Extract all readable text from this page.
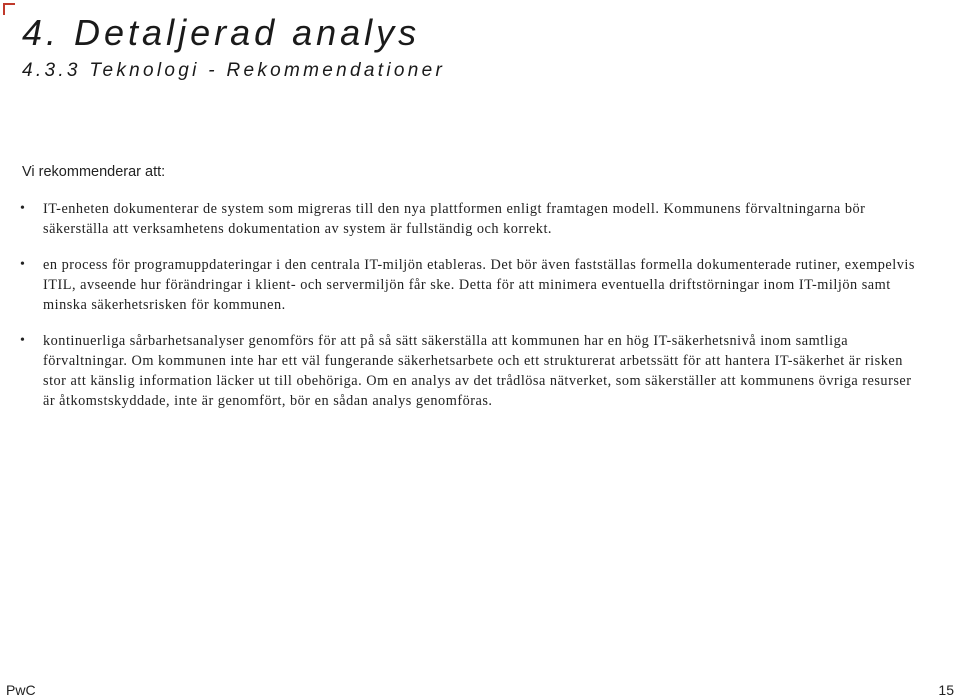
4. Detaljerad analys
4.3.3 Teknologi - Rekommendationer
Vi rekommenderar att:
• IT-enheten dokumenterar de system som migreras till den nya plattformen enligt framtagen modell. Kommunens förvaltningarna bör säkerställa att verksamhetens dokumentation av system är fullständig och korrekt.
• en process för programuppdateringar i den centrala IT-miljön etableras. Det bör även fastställas formella dokumenterade rutiner, exempelvis ITIL, avseende hur förändringar i klient- och servermiljön får ske. Detta för att minimera eventuella driftstörningar inom IT-miljön samt minska säkerhetsrisken för kommunen.
• kontinuerliga sårbarhetsanalyser genomförs för att på så sätt säkerställa att kommunen har en hög IT-säkerhetsnivå inom samtliga förvaltningar. Om kommunen inte har ett väl fungerande säkerhetsarbete och ett strukturerat arbetssätt för att hantera IT-säkerhet är risken stor att känslig information läcker ut till obehöriga. Om en analys av det trådlösa nätverket, som säkerställer att kommunens övriga resurser är åtkomstskyddade, inte är genomfört, bör en sådan analys genomföras.
PwC	15
